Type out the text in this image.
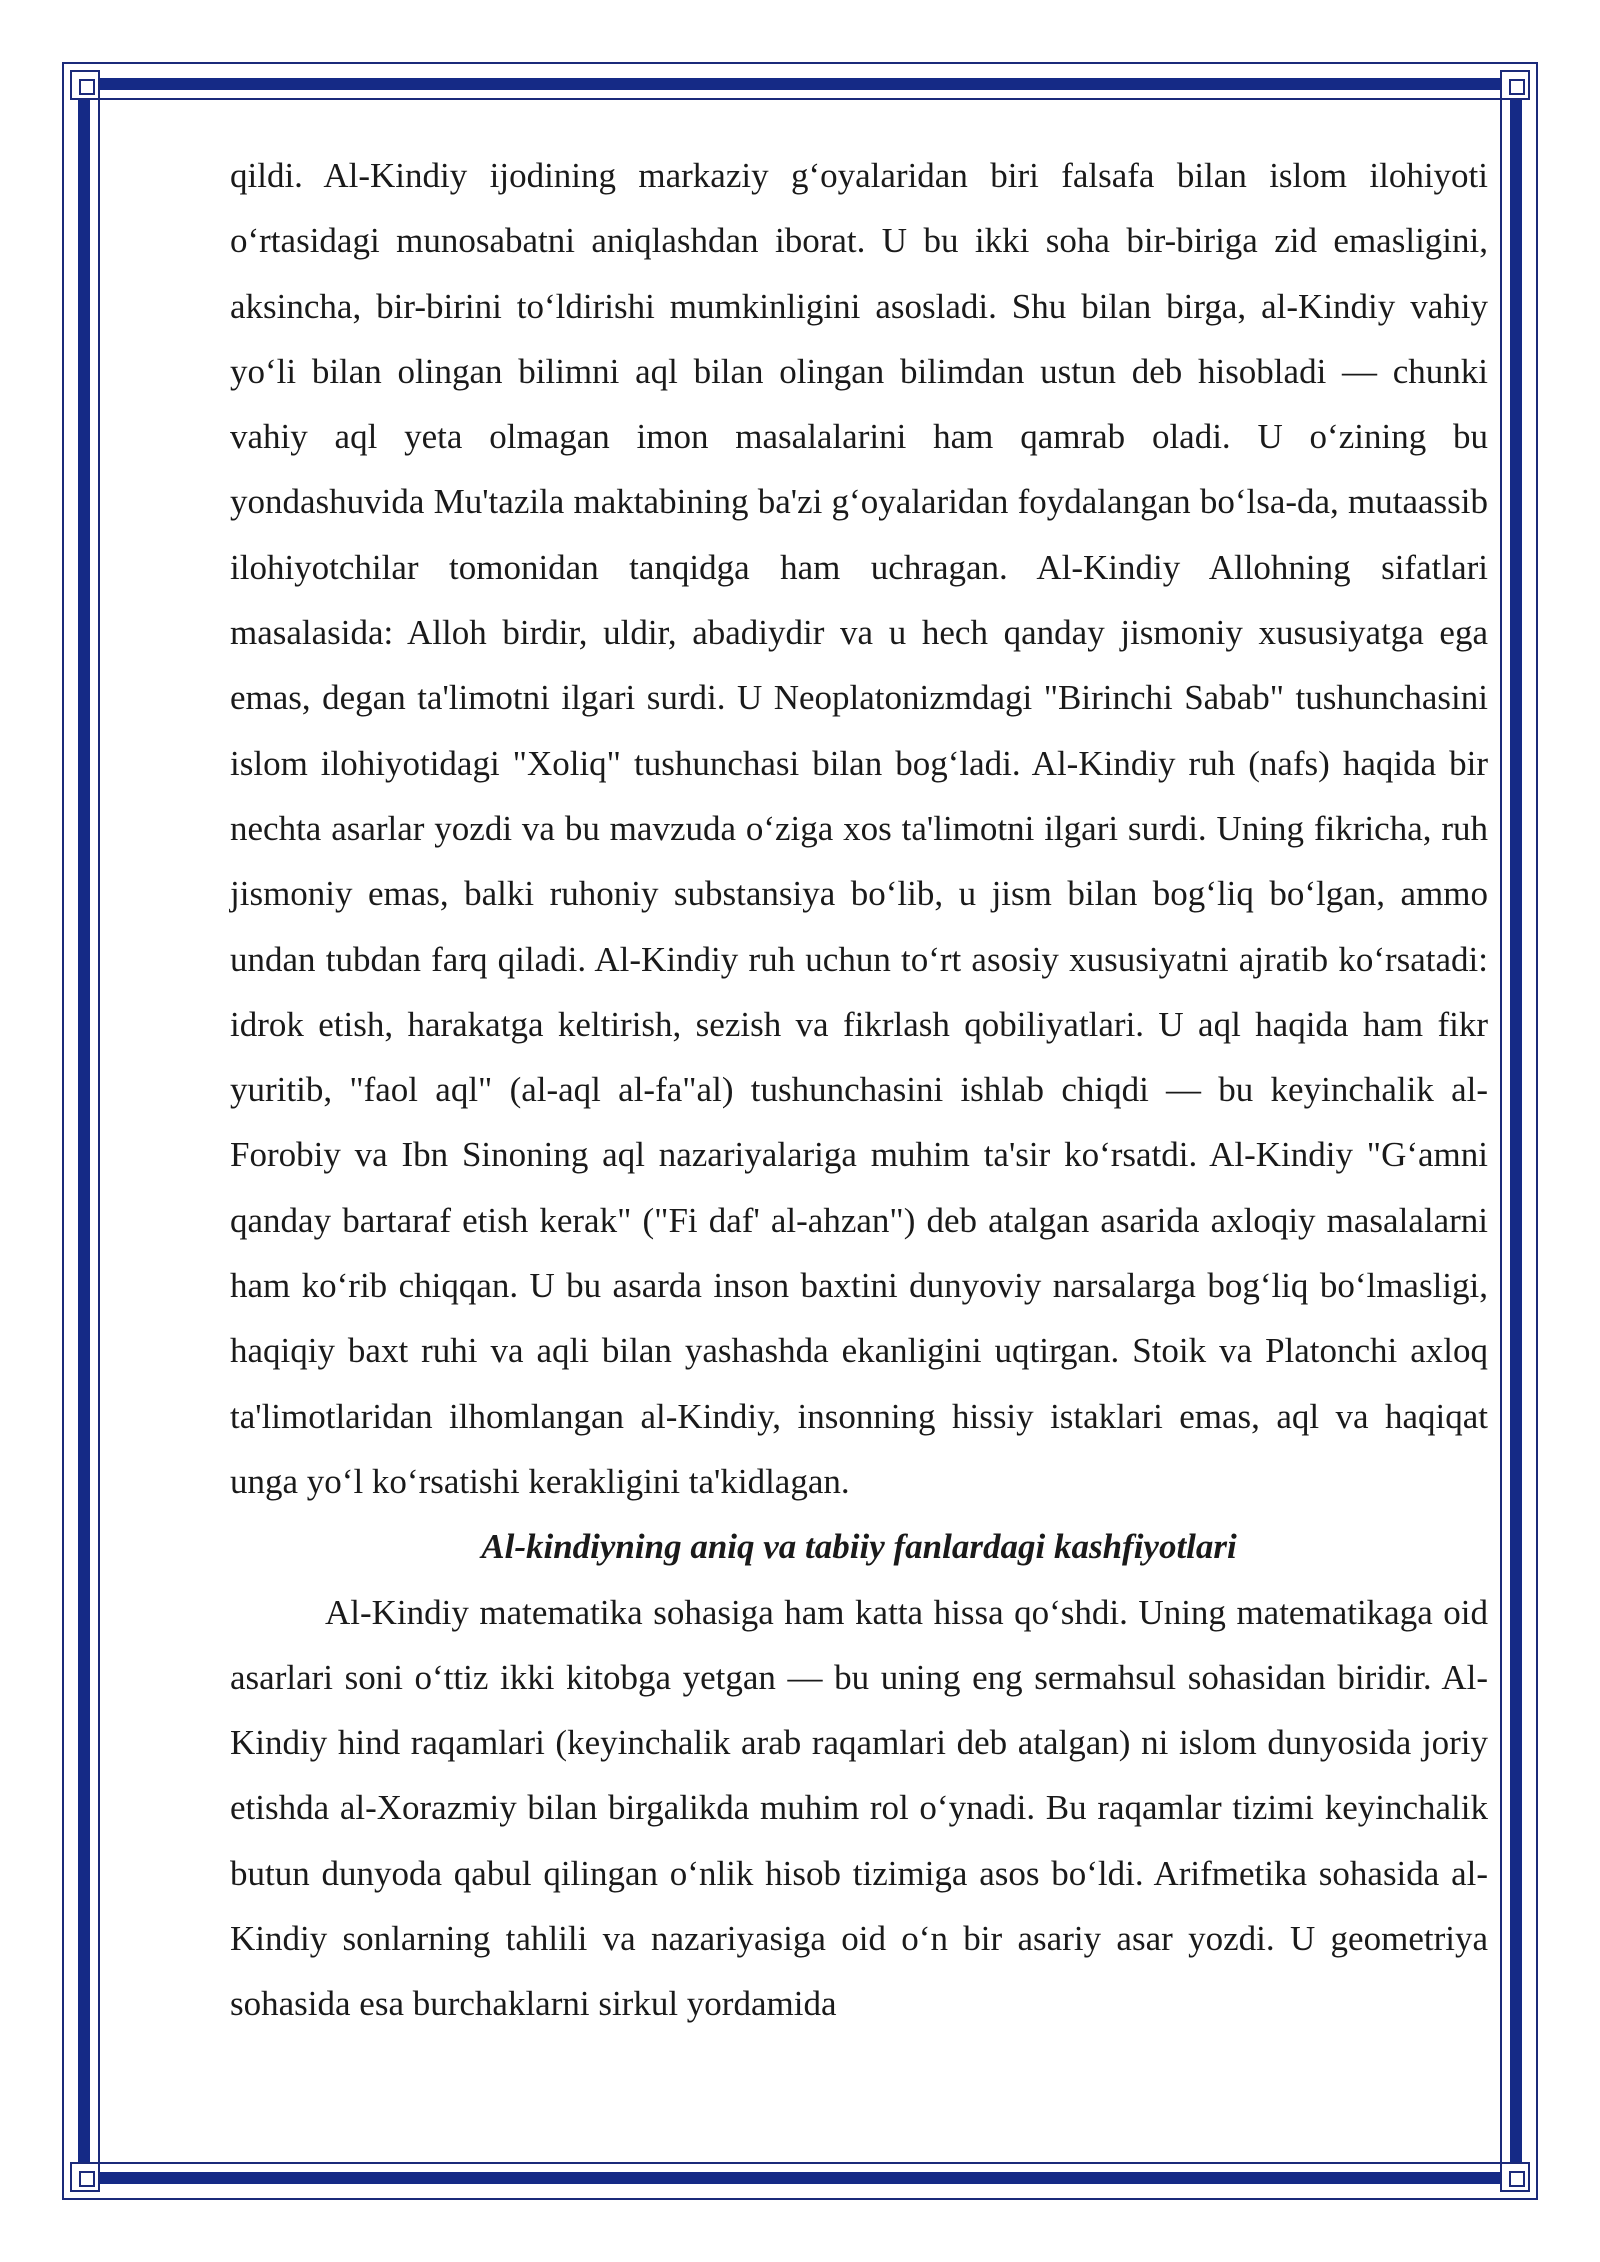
qildi. Al-Kindiy ijodining markaziy g‘oyalaridan biri falsafa bilan islom ilohiyoti o‘rtasidagi munosabatni aniqlashdan iborat. U bu ikki soha bir-biriga zid emasligini, aksincha, bir-birini to‘ldirishi mumkinligini asosladi. Shu bilan birga, al-Kindiy vahiy yo‘li bilan olingan bilimni aql bilan olingan bilimdan ustun deb hisobladi — chunki vahiy aql yeta olmagan imon masalalarini ham qamrab oladi. U o‘zining bu yondashuvida Mu'tazila maktabining ba'zi g‘oyalaridan foydalangan bo‘lsa-da, mutaassib ilohiyotchilar tomonidan tanqidga ham uchragan. Al-Kindiy Allohning sifatlari masalasida: Alloh birdir, uldir, abadiydir va u hech qanday jismoniy xususiyatga ega emas, degan ta'limotni ilgari surdi. U Neoplatonizmdagi "Birinchi Sabab" tushunchasini islom ilohiyotidagi "Xoliq" tushunchasi bilan bog‘ladi. Al-Kindiy ruh (nafs) haqida bir nechta asarlar yozdi va bu mavzuda o‘ziga xos ta'limotni ilgari surdi. Uning fikricha, ruh jismoniy emas, balki ruhoniy substansiya bo‘lib, u jism bilan bog‘liq bo‘lgan, ammo undan tubdan farq qiladi. Al-Kindiy ruh uchun to‘rt asosiy xususiyatni ajratib ko‘rsatadi: idrok etish, harakatga keltirish, sezish va fikrlash qobiliyatlari. U aql haqida ham fikr yuritib, "faol aql" (al-aql al-fa"al) tushunchasini ishlab chiqdi — bu keyinchalik al-Forobiy va Ibn Sinoning aql nazariyalariga muhim ta'sir ko‘rsatdi. Al-Kindiy "G‘amni qanday bartaraf etish kerak" ("Fi daf' al-ahzan") deb atalgan asarida axloqiy masalalarni ham ko‘rib chiqqan. U bu asarda inson baxtini dunyoviy narsalarga bog‘liq bo‘lmasligi, haqiqiy baxt ruhi va aqli bilan yashashda ekanligini uqtirgan. Stoik va Platonchi axloq ta'limotlaridan ilhomlangan al-Kindiy, insonning hissiy istaklari emas, aql va haqiqat unga yo‘l ko‘rsatishi kerakligini ta'kidlagan.

Al-kindiyning aniq va tabiiy fanlardagi kashfiyotlari

Al-Kindiy matematika sohasiga ham katta hissa qo‘shdi. Uning matematikaga oid asarlari soni o‘ttiz ikki kitobga yetgan — bu uning eng sermahsul sohasidan biridir. Al-Kindiy hind raqamlari (keyinchalik arab raqamlari deb atalgan) ni islom dunyosida joriy etishda al-Xorazmiy bilan birgalikda muhim rol o‘ynadi. Bu raqamlar tizimi keyinchalik butun dunyoda qabul qilingan o‘nlik hisob tizimiga asos bo‘ldi. Arifmetika sohasida al-Kindiy sonlarning tahlili va nazariyasiga oid o‘n bir asariy asar yozdi. U geometriya sohasida esa burchaklarni sirkul yordamida
